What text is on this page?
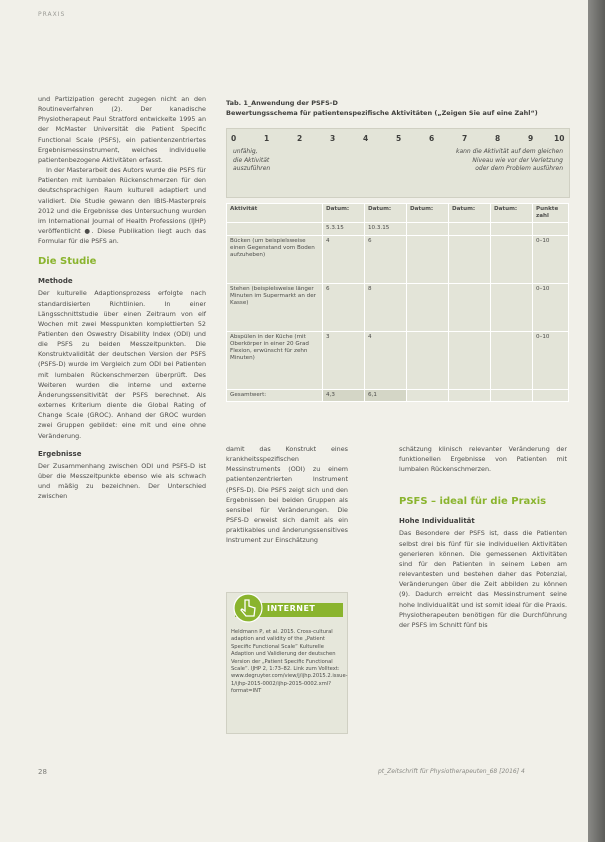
PRAXIS

und Partizipation gerecht zugegen nicht an den Routineverfahren (2). Der kanadische Physiotherapeut Paul Stratford entwickelte 1995 an der McMaster Universität die Patient Specific Functional Scale (PSFS), ein patientenzentriertes Ergebnismessinstrument, welches individuelle patientenbezogene Aktivitäten erfasst.

In der Masterarbeit des Autors wurde die PSFS für Patienten mit lumbalen Rückenschmerzen für den deutschsprachigen Raum kulturell adaptiert und validiert. Die Studie gewann den IBIS-Masterpreis 2012 und die Ergebnisse des Untersuchung wurden im International Journal of Health Professions (IJHP) veröffentlicht ●. Diese Publikation liegt auch das Formular für die PSFS an.

Die Studie
Methode

Der kulturelle Adaptionsprozess erfolgte nach standardisierten Richtlinien. In einer Längsschnittstudie über einen Zeitraum von elf Wochen mit zwei Messpunkten komplettierten 52 Patienten den Oswestry Disability Index (ODI) und die PSFS zu beiden Messzeitpunkten. Die Konstruktvalidität der deutschen Version der PSFS (PSFS-D) wurde im Vergleich zum ODI bei Patienten mit lumbalen Rückenschmerzen überprüft. Des Weiteren wurden die interne und externe Änderungssensitivität der PSFS berechnet. Als externes Kriterium diente die Global Rating of Change Scale (GROC). Anhand der GROC wurden zwei Gruppen gebildet: eine mit und eine ohne Veränderung.

Ergebnisse

Der Zusammenhang zwischen ODI und PSFS-D ist über die Messzeitpunkte ebenso wie als schwach und mäßig zu bezeichnen. Der Unterschied zwischen

Tab. 1_Anwendung der PSFS-D
Bewertungsschema für patientenspezifische Aktivitäten („Zeigen Sie auf eine Zahl“)
0	1	2	3	4	5	6	7	8	9	10
unfähig,
die Aktivität
auszuführen
kann die Aktivität auf dem gleichen
Niveau wie vor der Verletzung
oder dem Problem ausführen
Aktivität	Datum:	Datum:	Datum:	Datum:	Datum:	Punkte zahl
	5.3.15	10.3.15				
Bücken (um beispielsweise einen Gegenstand vom Boden aufzuheben)	4	6				0–10
Stehen (beispielsweise länger Minuten im Supermarkt an der Kasse)	6	8				0–10
Abspülen in der Küche (mit Oberkörper in einer 20 Grad Flexion, erwünscht für zehn Minuten)	3	4				0–10
Gesamtwert:	4,3	6,1				

damit das Konstrukt eines krankheitsspezifischen Messinstruments (ODI) zu einem patientenzentrierten Instrument (PSFS-D). Die PSFS zeigt sich und den Ergebnissen bei beiden Gruppen als sensibel für Veränderungen. Die PSFS-D erweist sich damit als ein praktikables und änderungssensitives Instrument zur Einschätzung

INTERNET
Heldmann P, et al. 2015. Cross-cultural adaption and validity of the „Patient Specific Functional Scale“ Kulturelle Adaption und Validierung der deutschen Version der „Patient Specific Functional Scale“. IJHP 2, 1:73–82. Link zum Volltext: www.degruyter.com/view/j/ijhp.2015.2.issue-1/ijhp-2015-0002/ijhp-2015-0002.xml?format=INT

schätzung klinisch relevanter Veränderung der funktionellen Ergebnisse von Patienten mit lumbalen Rückenschmerzen.

PSFS – ideal für die Praxis
Hohe Individualität

Das Besondere der PSFS ist, dass die Patienten selbst drei bis fünf für sie individuellen Aktivitäten generieren können. Die gemessenen Aktivitäten sind für den Patienten in seinem Leben am relevantesten und bestehen daher das Potenzial, Veränderungen über die Zeit abbilden zu können (9). Dadurch erreicht das Messinstrument seine hohe Individualität und ist somit ideal für die Praxis. Physiotherapeuten benötigen für die Durchführung der PSFS im Schnitt fünf bis

28	pt_Zeitschrift für Physiotherapeuten_68 [2016] 4
